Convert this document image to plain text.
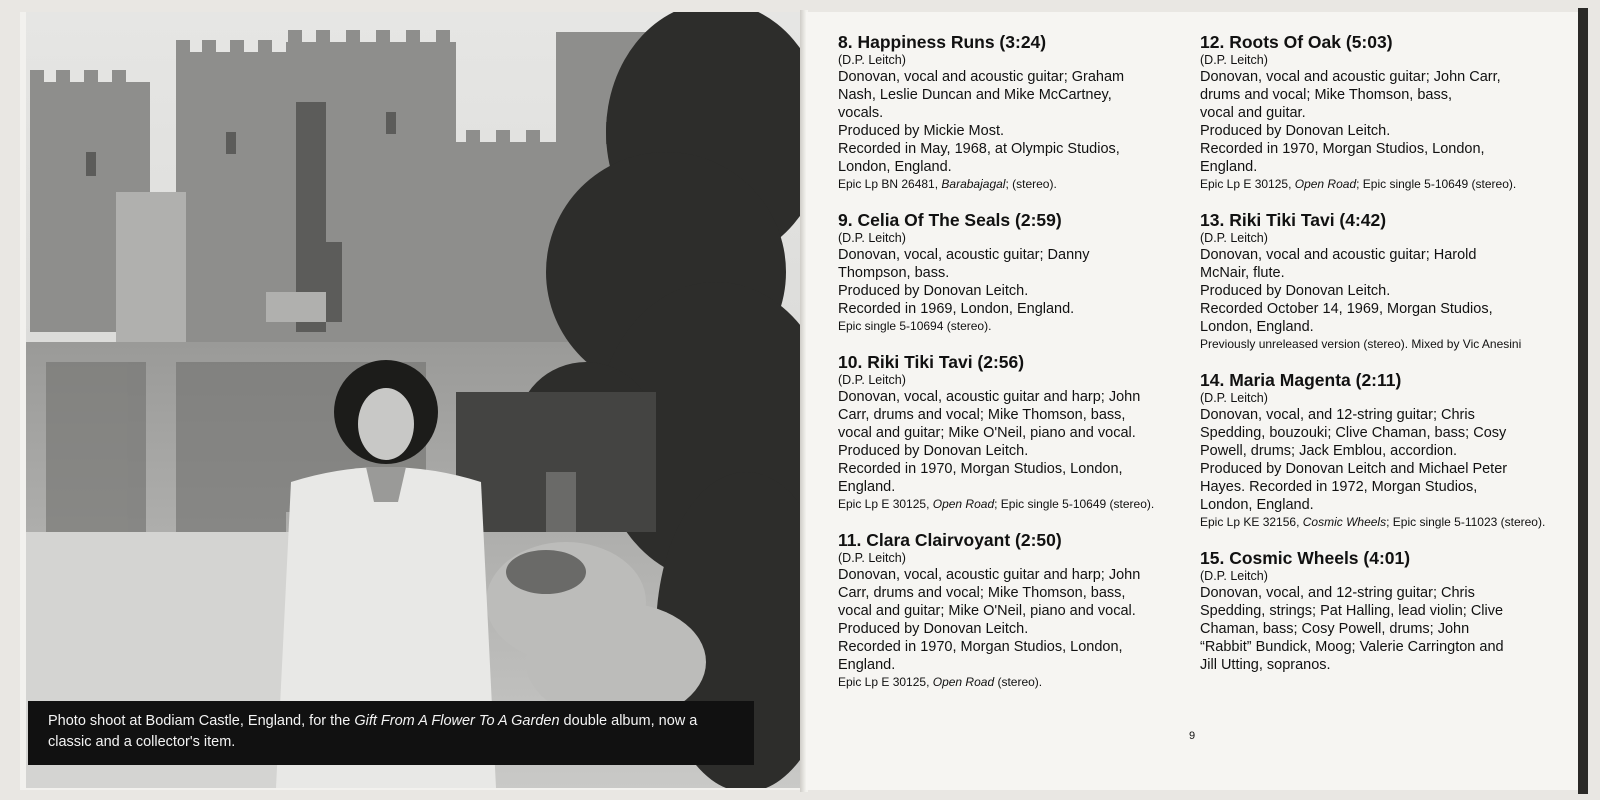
Photo shoot at Bodiam Castle, England, for the Gift From A Flower To A Garden double album, now a classic and a collector's item.
8. Happiness Runs (3:24)
(D.P. Leitch)
Donovan, vocal and acoustic guitar; Graham
Nash, Leslie Duncan and Mike McCartney,
vocals.
Produced by Mickie Most.
Recorded in May, 1968, at Olympic Studios,
London, England.
Epic Lp BN 26481, Barabajagal; (stereo).
9. Celia Of The Seals (2:59)
(D.P. Leitch)
Donovan, vocal, acoustic guitar; Danny
Thompson, bass.
Produced by Donovan Leitch.
Recorded in 1969, London, England.
Epic single 5-10694 (stereo).
10. Riki Tiki Tavi (2:56)
(D.P. Leitch)
Donovan, vocal, acoustic guitar and harp; John
Carr, drums and vocal; Mike Thomson, bass,
vocal and guitar; Mike O'Neil, piano and vocal.
Produced by Donovan Leitch.
Recorded in 1970, Morgan Studios, London,
England.
Epic Lp E 30125, Open Road; Epic single 5-10649 (stereo).
11. Clara Clairvoyant (2:50)
(D.P. Leitch)
Donovan, vocal, acoustic guitar and harp; John
Carr, drums and vocal; Mike Thomson, bass,
vocal and guitar; Mike O'Neil, piano and vocal.
Produced by Donovan Leitch.
Recorded in 1970, Morgan Studios, London,
England.
Epic Lp E 30125, Open Road (stereo).
12. Roots Of Oak (5:03)
(D.P. Leitch)
Donovan, vocal and acoustic guitar; John Carr,
drums and vocal; Mike Thomson, bass,
vocal and guitar.
Produced by Donovan Leitch.
Recorded in 1970, Morgan Studios, London,
England.
Epic Lp E 30125, Open Road; Epic single 5-10649 (stereo).
13. Riki Tiki Tavi (4:42)
(D.P. Leitch)
Donovan, vocal and acoustic guitar; Harold
McNair, flute.
Produced by Donovan Leitch.
Recorded October 14, 1969, Morgan Studios,
London, England.
Previously unreleased version (stereo). Mixed by Vic Anesini
14. Maria Magenta (2:11)
(D.P. Leitch)
Donovan, vocal, and 12-string guitar; Chris
Spedding, bouzouki; Clive Chaman, bass; Cosy
Powell, drums; Jack Emblou, accordion.
Produced by Donovan Leitch and Michael Peter
Hayes. Recorded in 1972, Morgan Studios,
London, England.
Epic Lp KE 32156, Cosmic Wheels; Epic single 5-11023 (stereo).
15. Cosmic Wheels (4:01)
(D.P. Leitch)
Donovan, vocal, and 12-string guitar; Chris
Spedding, strings; Pat Halling, lead violin; Clive
Chaman, bass; Cosy Powell, drums; John
“Rabbit” Bundick, Moog; Valerie Carrington and
Jill Utting, sopranos.
9
